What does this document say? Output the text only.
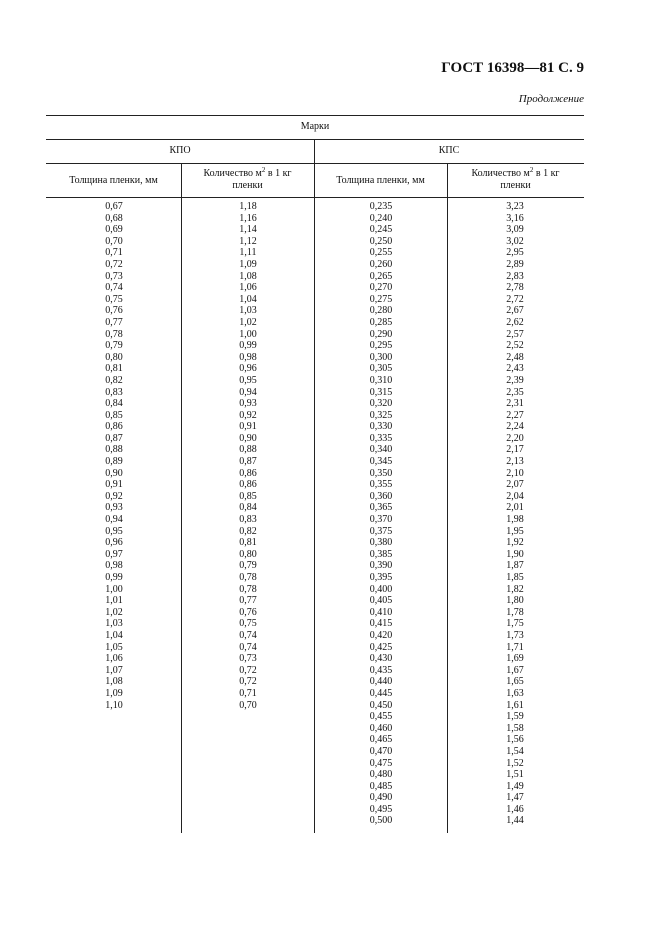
ГОСТ 16398—81 С. 9
Продолжение
Марки
КПО	КПС
Толщина пленки, мм
Количество $м^2$ в 1 кг
пленки	Толщина пленки, мм
Количество $м^2$ в 1 кг
пленки
0,67
0,68
0,69
0,70
0,71
0,72
0,73
0,74
0,75
0,76
0,77
0,78
0,79
0,80
0,81
0,82
0,83
0,84
0,85
0,86
0,87
0,88
0,89
0,90
0,91
0,92
0,93
0,94
0,95
0,96
0,97
0,98
0,99
1,00
1,01
1,02
1,03
1,04
1,05
1,06
1,07
1,08
1,09
1,10
1,18
1,16
1,14
1,12
1,11
1,09
1,08
1,06
1,04
1,03
1,02
1,00
0,99
0,98
0,96
0,95
0,94
0,93
0,92
0,91
0,90
0,88
0,87
0,86
0,86
0,85
0,84
0,83
0,82
0,81
0,80
0,79
0,78
0,78
0,77
0,76
0,75
0,74
0,74
0,73
0,72
0,72
0,71
0,70
0,235
0,240
0,245
0,250
0,255
0,260
0,265
0,270
0,275
0,280
0,285
0,290
0,295
0,300
0,305
0,310
0,315
0,320
0,325
0,330
0,335
0,340
0,345
0,350
0,355
0,360
0,365
0,370
0,375
0,380
0,385
0,390
0,395
0,400
0,405
0,410
0,415
0,420
0,425
0,430
0,435
0,440
0,445
0,450
0,455
0,460
0,465
0,470
0,475
0,480
0,485
0,490
0,495
0,500
3,23
3,16
3,09
3,02
2,95
2,89
2,83
2,78
2,72
2,67
2,62
2,57
2,52
2,48
2,43
2,39
2,35
2,31
2,27
2,24
2,20
2,17
2,13
2,10
2,07
2,04
2,01
1,98
1,95
1,92
1,90
1,87
1,85
1,82
1,80
1,78
1,75
1,73
1,71
1,69
1,67
1,65
1,63
1,61
1,59
1,58
1,56
1,54
1,52
1,51
1,49
1,47
1,46
1,44
